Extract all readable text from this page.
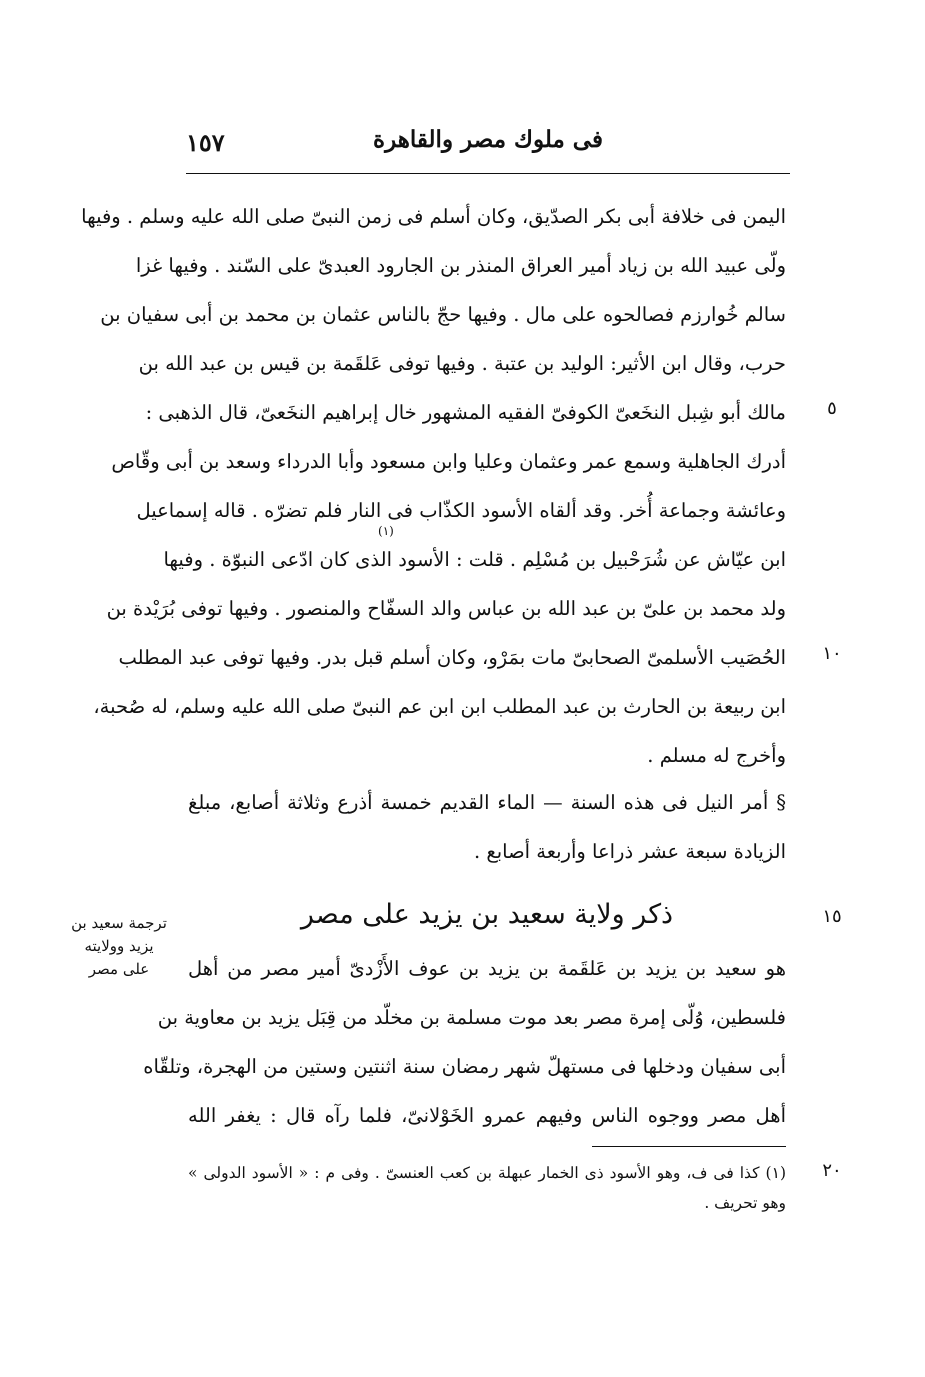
١٥٧	فى ملوك مصر والقاهرة
اليمن فى خلافة أبى بكر الصدّيق، وكان أسلم فى زمن النبىّ صلى الله عليه وسلم . وفيها
ولّى عبيد الله بن زياد أمير العراق المنذر بن الجارود العبدىّ على السّند . وفيها غزا
سالم خُوارزم فصالحوه على مال . وفيها حجّ بالناس عثمان بن محمد بن أبى سفيان بن
حرب، وقال ابن الأثير: الوليد بن عتبة . وفيها توفى عَلقَمة بن قيس بن عبد الله بن
مالك أبو شِبل النخَعىّ الكوفىّ الفقيه المشهور خال إبراهيم النخَعىّ، قال الذهبى :
أدرك الجاهلية وسمع عمر وعثمان وعليا وابن مسعود وأبا الدرداء وسعد بن أبى وقّاص
وعائشة وجماعة أُخر. وقد ألقاه الأسود الكذّاب فى النار فلم تضرّه . قاله إسماعيل
ابن عيّاش عن شُرَحْبيل بن مُسْلِم . قلت : الأسود الذى كان ادّعى النبوّة . وفيها
ولد محمد بن علىّ بن عبد الله بن عباس والد السفّاح والمنصور . وفيها توفى بُرَيْدة بن
الحُصَيب الأسلمىّ الصحابىّ مات بمَرْو، وكان أسلم قبل بدر. وفيها توفى عبد المطلب
ابن ربيعة بن الحارث بن عبد المطلب ابن ابن عم النبىّ صلى الله عليه وسلم، له صُحبة،
وأخرج له مسلم .
(١)
§ أمر النيل فى هذه السنة — الماء القديم خمسة أذرع وثلاثة أصابع، مبلغ
الزيادة سبعة عشر ذراعا وأربعة أصابع .
ذكر ولاية سعيد بن يزيد على مصر
ترجمة سعيد بن
يزيد وولايته
على مصر	هو سعيد بن يزيد بن عَلقَمة بن يزيد بن عوف الأَزْدىّ أمير مصر من أهل
فلسطين، وُلّى إمرة مصر بعد موت مسلمة بن مخلّد من قِبَل يزيد بن معاوية بن
أبى سفيان ودخلها فى مستهلّ شهر رمضان سنة اثنتين وستين من الهجرة، وتلقّاه
أهل مصر ووجوه الناس وفيهم عمرو الخَوْلانىّ، فلما رآه قال : يغفر الله
٥
١٠
١٥
٢٠
(١) كذا فى ف، وهو الأسود ذى الخمار عبهلة بن كعب العنسىّ . وفى م : « الأسود الدولى »
وهو تحريف .
